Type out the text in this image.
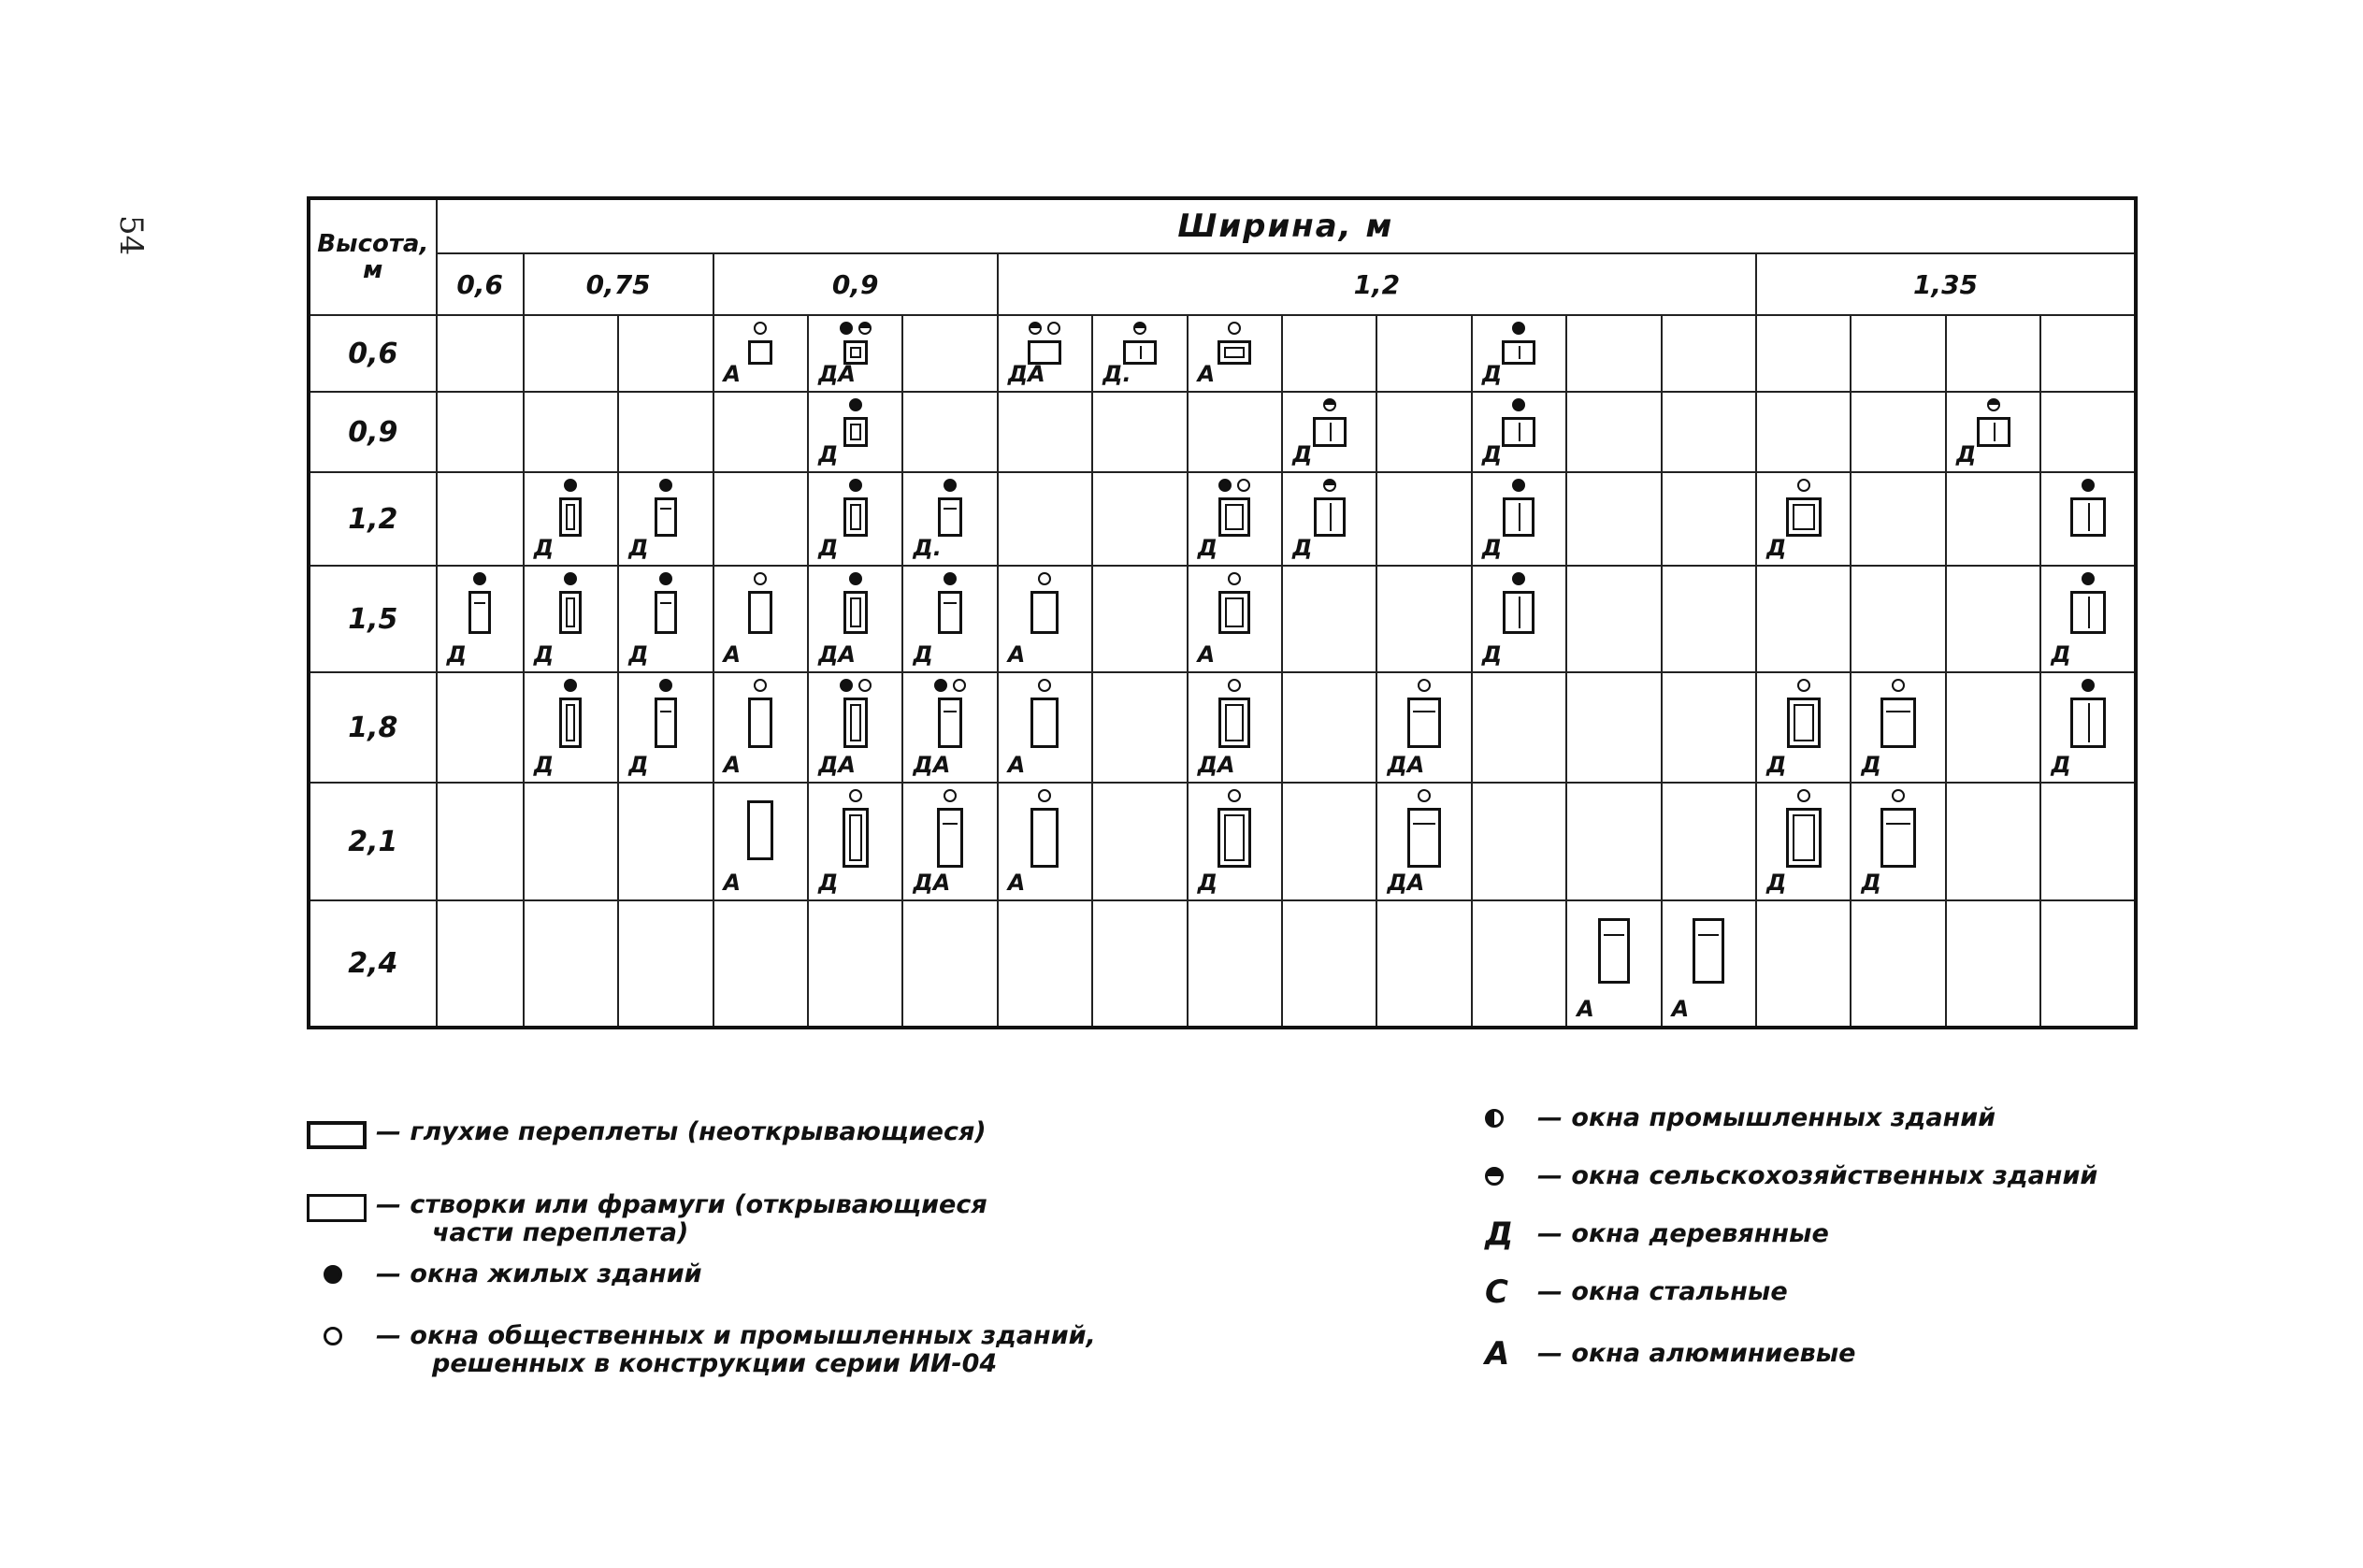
54	Высота,
м	Ширина, м																	
	0,6	0,75		0,9			1,2								1,35			
0,6				А	ДА		ДА	Д.	А			Д						

0,9					Д					Д		Д					Д	

1,2		Д	Д		Д	Д.			Д	Д		Д			Д			

1,5	Д	Д	Д	А	ДА	Д	А		А			Д						Д

1,8		Д	Д	А	ДА	ДА	А		ДА		ДА				Д	Д		Д

2,1				А	Д	ДА	А		Д		ДА				Д	Д		

2,4													А	А				

— глухие переплеты (неоткрывающиеся)
— створки или фрамуги (открывающиеся
части переплета)
— окна жилых зданий
— окна общественных и промышленных зданий,
решенных в конструкции серии ИИ-04
— окна промышленных зданий
— окна сельскохозяйственных зданий
Д — окна деревянные
С — окна стальные
А — окна алюминиевые
